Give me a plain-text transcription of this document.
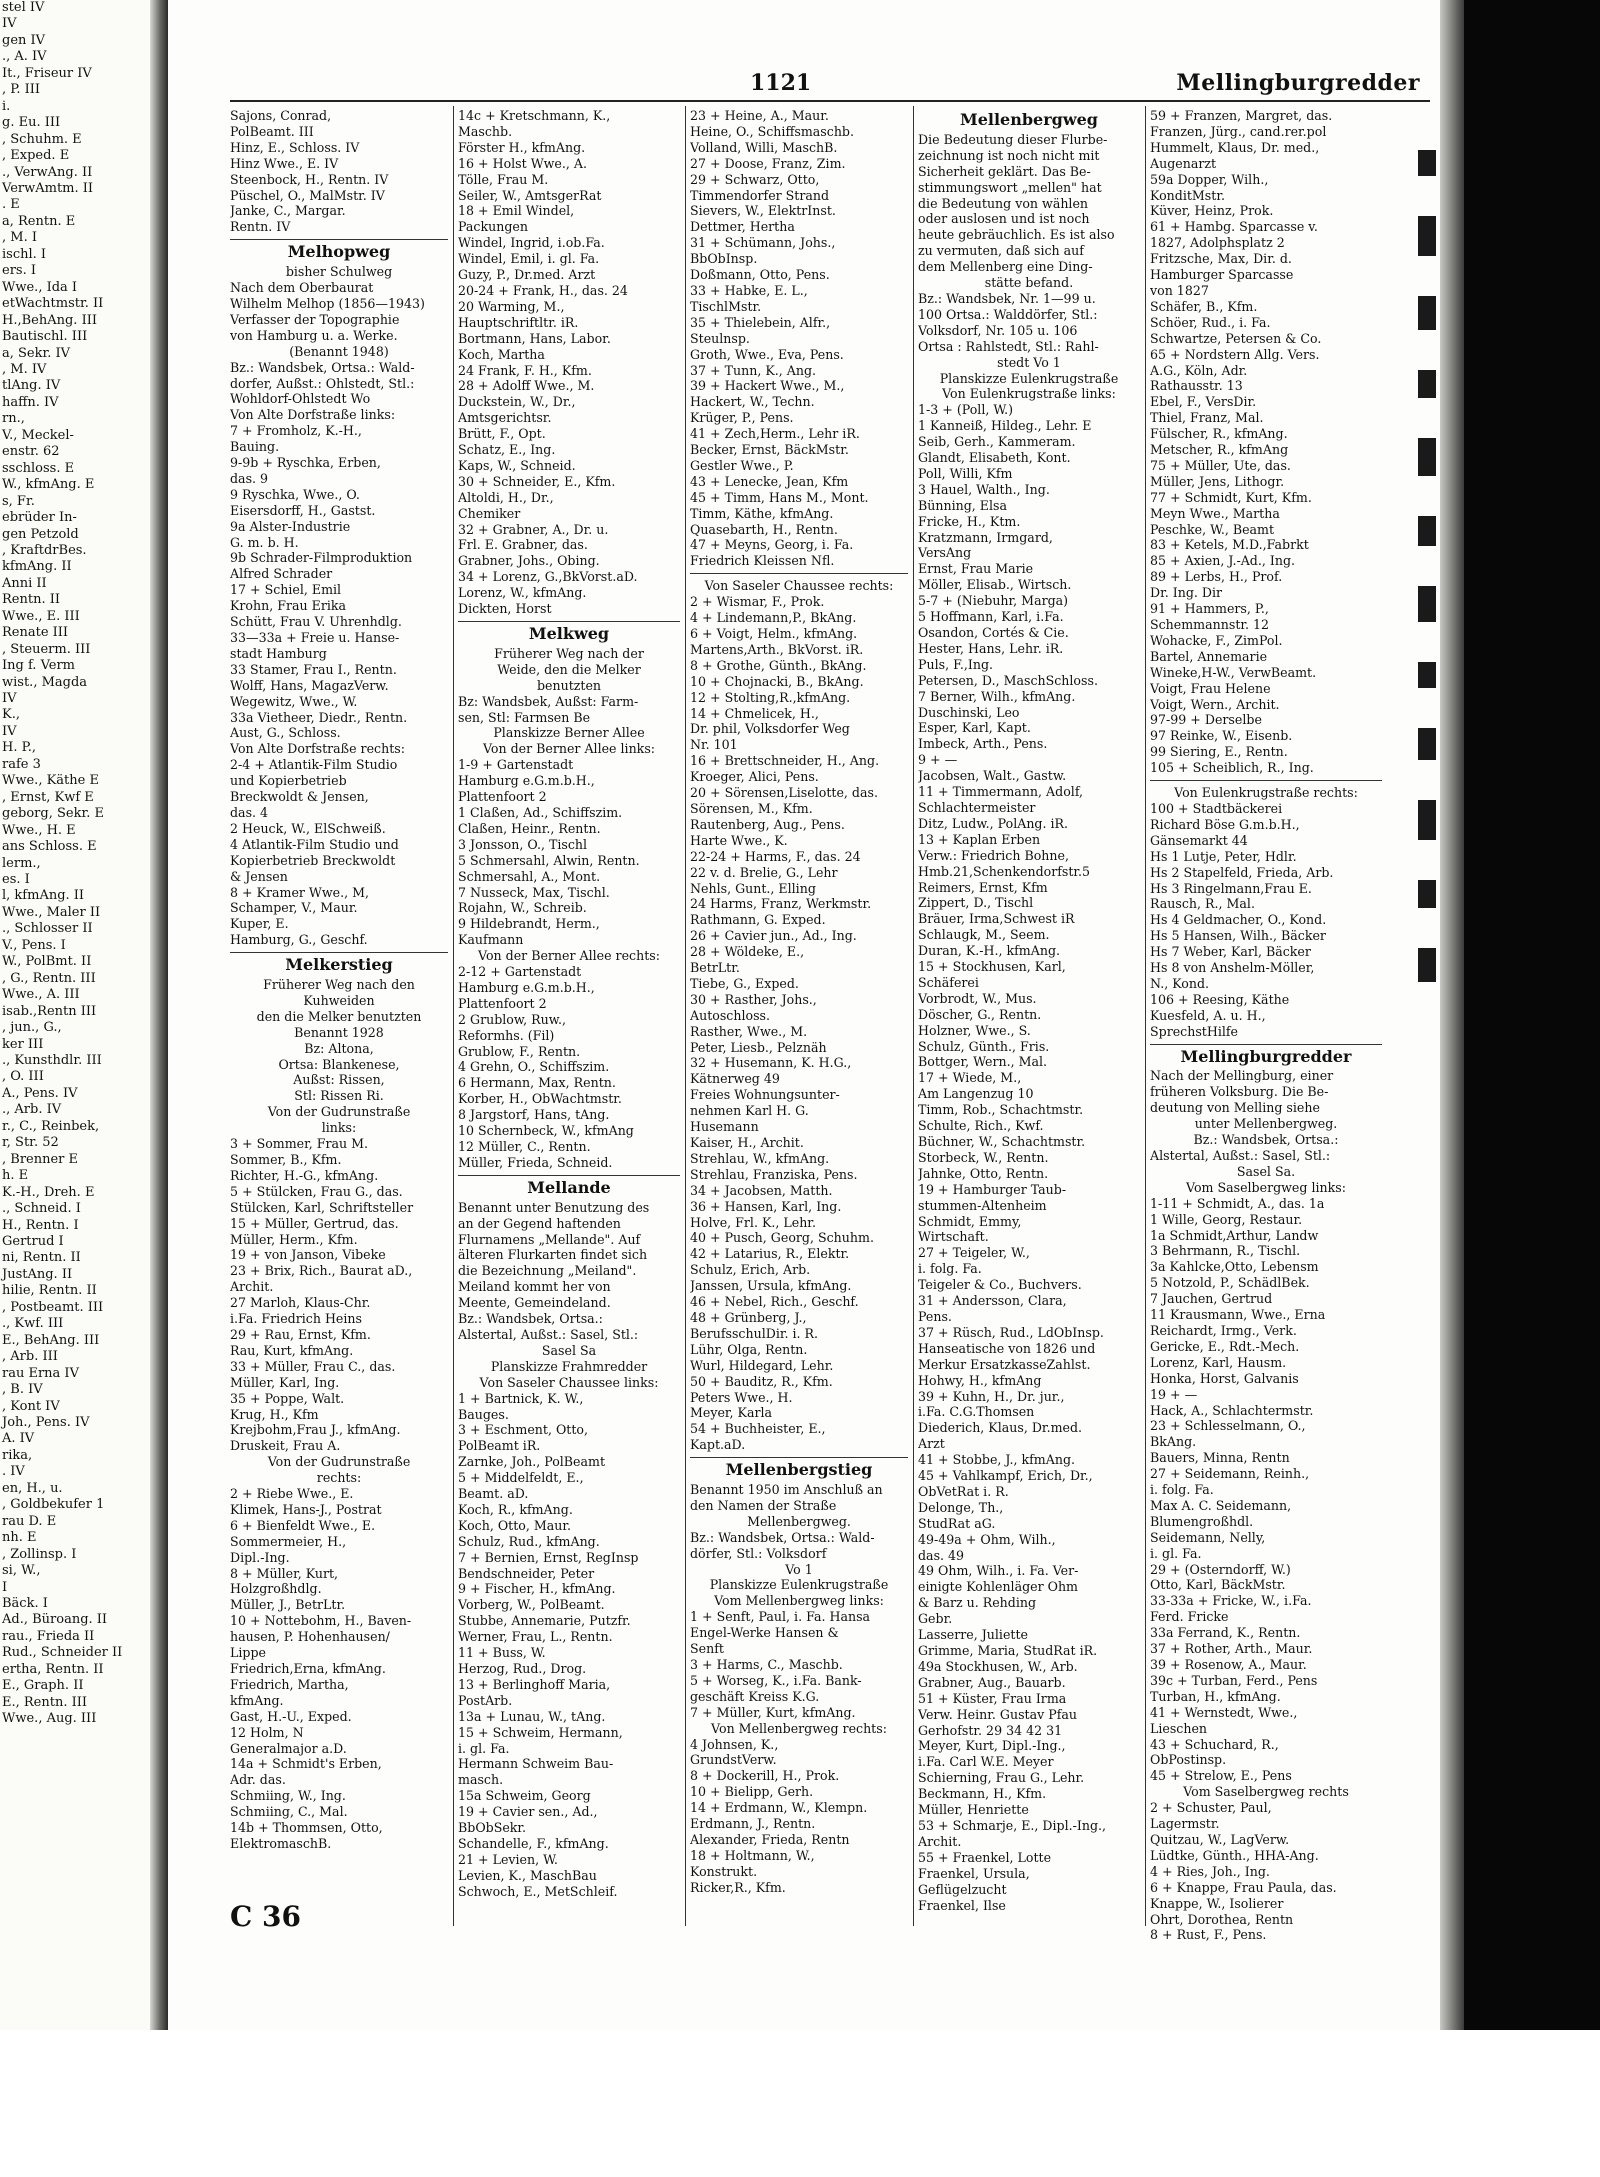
stel IV
IV
gen IV
., A. IV
It., Friseur IV
, P. III
i.
g. Eu. III
, Schuhm. E
, Exped. E
., VerwAng. II
VerwAmtm. II
. E
a, Rentn. E
, M. I
ischl. I
ers. I
Wwe., Ida I
etWachtmstr. II
H.,BehAng. III
Bautischl. III
a, Sekr. IV
, M. IV
tlAng. IV
haffn. IV
rn.,
V., Meckel-
enstr. 62
sschloss. E
W., kfmAng. E
s, Fr.
ebrüder In-
gen Petzold
, KraftdrBes.
kfmAng. II
Anni II
Rentn. II
Wwe., E. III
Renate III
, Steuerm. III
Ing f. Verm
wist., Magda
IV
K.,
IV
H. P.,
rafe 3
Wwe., Käthe E
, Ernst, Kwf E
geborg, Sekr. E
Wwe., H. E
ans Schloss. E
lerm.,
es. I
l, kfmAng. II
Wwe., Maler II
., Schlosser II
V., Pens. I
W., PolBmt. II
, G., Rentn. III
Wwe., A. III
isab.,Rentn III
, jun., G.,
ker III
., Kunsthdlr. III
, O. III
A., Pens. IV
., Arb. IV
r., C., Reinbek,
r, Str. 52
, Brenner E
h. E
K.-H., Dreh. E
., Schneid. I
H., Rentn. I
Gertrud I
ni, Rentn. II
JustAng. II
hilie, Rentn. II
, Postbeamt. III
., Kwf. III
E., BehAng. III
, Arb. III
rau Erna IV
, B. IV
, Kont IV
Joh., Pens. IV
A. IV
rika,
. IV
en, H., u.
, Goldbekufer 1
rau D. E
nh. E
, Zollinsp. I
si, W.,
I
Bäck. I
Ad., Büroang. II
rau., Frieda II
Rud., Schneider II
ertha, Rentn. II
E., Graph. II
E., Rentn. III
Wwe., Aug. III
1121	Mellingburgredder
Sajons, Conrad,
PolBeamt. III
Hinz, E., Schloss. IV
Hinz Wwe., E. IV
Steenbock, H., Rentn. IV
Püschel, O., MalMstr. IV
Janke, C., Margar.
Rentn. IV
Melhopweg
bisher Schulweg
Nach dem Oberbaurat
Wilhelm Melhop (1856—1943)
Verfasser der Topographie
von Hamburg u. a. Werke.
(Benannt 1948)
Bz.: Wandsbek, Ortsa.: Wald-
dorfer, Außst.: Ohlstedt, Stl.:
Wohldorf-Ohlstedt Wo
Von Alte Dorfstraße links:
7 + Fromholz, K.-H.,
Bauing.
9-9b + Ryschka, Erben,
das. 9
9 Ryschka, Wwe., O.
Eisersdorff, H., Gastst.
9a Alster-Industrie
G. m. b. H.
9b Schrader-Filmproduktion
Alfred Schrader
17 + Schiel, Emil
Krohn, Frau Erika
Schütt, Frau V. Uhrenhdlg.
33—33a + Freie u. Hanse-
stadt Hamburg
33 Stamer, Frau I., Rentn.
Wolff, Hans, MagazVerw.
Wegewitz, Wwe., W.
33a Vietheer, Diedr., Rentn.
Aust, G., Schloss.
Von Alte Dorfstraße rechts:
2-4 + Atlantik-Film Studio
und Kopierbetrieb
Breckwoldt & Jensen,
das. 4
2 Heuck, W., ElSchweiß.
4 Atlantik-Film Studio und
Kopierbetrieb Breckwoldt
& Jensen
8 + Kramer Wwe., M,
Schamper, V., Maur.
Kuper, E.
Hamburg, G., Geschf.
Melkerstieg
Früherer Weg nach den
Kuhweiden
den die Melker benutzten
Benannt 1928
Bz: Altona,
Ortsa: Blankenese,
Außst: Rissen,
Stl: Rissen Ri.
Von der Gudrunstraße
links:
3 + Sommer, Frau M.
Sommer, B., Kfm.
Richter, H.-G., kfmAng.
5 + Stülcken, Frau G., das.
Stülcken, Karl, Schriftsteller
15 + Müller, Gertrud, das.
Müller, Herm., Kfm.
19 + von Janson, Vibeke
23 + Brix, Rich., Baurat aD.,
Archit.
27 Marloh, Klaus-Chr.
i.Fa. Friedrich Heins
29 + Rau, Ernst, Kfm.
Rau, Kurt, kfmAng.
33 + Müller, Frau C., das.
Müller, Karl, Ing.
35 + Poppe, Walt.
Krug, H., Kfm
Krejbohm,Frau J., kfmAng.
Druskeit, Frau A.
Von der Gudrunstraße
rechts:
2 + Riebe Wwe., E.
Klimek, Hans-J., Postrat
6 + Bienfeldt Wwe., E.
Sommermeier, H.,
Dipl.-Ing.
8 + Müller, Kurt,
Holzgroßhdlg.
Müller, J., BetrLtr.
10 + Nottebohm, H., Baven-
hausen, P. Hohenhausen/
Lippe
Friedrich,Erna, kfmAng.
Friedrich, Martha,
kfmAng.
Gast, H.-U., Exped.
12 Holm, N
Generalmajor a.D.
14a + Schmidt's Erben,
Adr. das.
Schmiing, W., Ing.
Schmiing, C., Mal.
14b + Thommsen, Otto,
ElektromaschB.
14c + Kretschmann, K.,
Maschb.
Förster H., kfmAng.
16 + Holst Wwe., A.
Tölle, Frau M.
Seiler, W., AmtsgerRat
18 + Emil Windel,
Packungen
Windel, Ingrid, i.ob.Fa.
Windel, Emil, i. gl. Fa.
Guzy, P., Dr.med. Arzt
20-24 + Frank, H., das. 24
20 Warming, M.,
Hauptschriftltr. iR.
Bortmann, Hans, Labor.
Koch, Martha
24 Frank, F. H., Kfm.
28 + Adolff Wwe., M.
Duckstein, W., Dr.,
Amtsgerichtsr.
Brütt, F., Opt.
Schatz, E., Ing.
Kaps, W., Schneid.
30 + Schneider, E., Kfm.
Altoldi, H., Dr.,
Chemiker
32 + Grabner, A., Dr. u.
Frl. E. Grabner, das.
Grabner, Johs., Obing.
34 + Lorenz, G.,BkVorst.aD.
Lorenz, W., kfmAng.
Dickten, Horst
Melkweg
Früherer Weg nach der
Weide, den die Melker
benutzten
Bz: Wandsbek, Außst: Farm-
sen, Stl: Farmsen Be
Planskizze Berner Allee
Von der Berner Allee links:
1-9 + Gartenstadt
Hamburg e.G.m.b.H.,
Plattenfoort 2
1 Claßen, Ad., Schiffszim.
Claßen, Heinr., Rentn.
3 Jonsson, O., Tischl
5 Schmersahl, Alwin, Rentn.
Schmersahl, A., Mont.
7 Nusseck, Max, Tischl.
Rojahn, W., Schreib.
9 Hildebrandt, Herm.,
Kaufmann
Von der Berner Allee rechts:
2-12 + Gartenstadt
Hamburg e.G.m.b.H.,
Plattenfoort 2
2 Grublow, Ruw.,
Reformhs. (Fil)
Grublow, F., Rentn.
4 Grehn, O., Schiffszim.
6 Hermann, Max, Rentn.
Korber, H., ObWachtmstr.
8 Jargstorf, Hans, tAng.
10 Schernbeck, W., kfmAng
12 Müller, C., Rentn.
Müller, Frieda, Schneid.
Mellande
Benannt unter Benutzung des
an der Gegend haftenden
Flurnamens „Mellande". Auf
älteren Flurkarten findet sich
die Bezeichnung „Meiland".
Meiland kommt her von
Meente, Gemeindeland.
Bz.: Wandsbek, Ortsa.:
Alstertal, Außst.: Sasel, Stl.:
Sasel Sa
Planskizze Frahmredder
Von Saseler Chaussee links:
1 + Bartnick, K. W.,
Bauges.
3 + Eschment, Otto,
PolBeamt iR.
Zarnke, Joh., PolBeamt
5 + Middelfeldt, E.,
Beamt. aD.
Koch, R., kfmAng.
Koch, Otto, Maur.
Schulz, Rud., kfmAng.
7 + Bernien, Ernst, RegInsp
Bendschneider, Peter
9 + Fischer, H., kfmAng.
Vorberg, W., PolBeamt.
Stubbe, Annemarie, Putzfr.
Werner, Frau, L., Rentn.
11 + Buss, W.
Herzog, Rud., Drog.
13 + Berlinghoff Maria,
PostArb.
13a + Lunau, W., tAng.
15 + Schweim, Hermann,
i. gl. Fa.
Hermann Schweim Bau-
masch.
15a Schweim, Georg
19 + Cavier sen., Ad.,
BbObSekr.
Schandelle, F., kfmAng.
21 + Levien, W.
Levien, K., MaschBau
Schwoch, E., MetSchleif.
23 + Heine, A., Maur.
Heine, O., Schiffsmaschb.
Volland, Willi, MaschB.
27 + Doose, Franz, Zim.
29 + Schwarz, Otto,
Timmendorfer Strand
Sievers, W., ElektrInst.
Dettmer, Hertha
31 + Schümann, Johs.,
BbObInsp.
Doßmann, Otto, Pens.
33 + Habke, E. L.,
TischlMstr.
35 + Thielebein, Alfr.,
Steulnsp.
Groth, Wwe., Eva, Pens.
37 + Tunn, K., Ang.
39 + Hackert Wwe., M.,
Hackert, W., Techn.
Krüger, P., Pens.
41 + Zech,Herm., Lehr iR.
Becker, Ernst, BäckMstr.
Gestler Wwe., P.
43 + Lenecke, Jean, Kfm
45 + Timm, Hans M., Mont.
Timm, Käthe, kfmAng.
Quasebarth, H., Rentn.
47 + Meyns, Georg, i. Fa.
Friedrich Kleissen Nfl.
Von Saseler Chaussee rechts:
2 + Wismar, F., Prok.
4 + Lindemann,P., BkAng.
6 + Voigt, Helm., kfmAng.
Martens,Arth., BkVorst. iR.
8 + Grothe, Günth., BkAng.
10 + Chojnacki, B., BkAng.
12 + Stolting,R.,kfmAng.
14 + Chmelicek, H.,
Dr. phil, Volksdorfer Weg
Nr. 101
16 + Brettschneider, H., Ang.
Kroeger, Alici, Pens.
20 + Sörensen,Liselotte, das.
Sörensen, M., Kfm.
Rautenberg, Aug., Pens.
Harte Wwe., K.
22-24 + Harms, F., das. 24
22 v. d. Brelie, G., Lehr
Nehls, Gunt., Elling
24 Harms, Franz, Werkmstr.
Rathmann, G. Exped.
26 + Cavier jun., Ad., Ing.
28 + Wöldeke, E.,
BetrLtr.
Tiebe, G., Exped.
30 + Rasther, Johs.,
Autoschloss.
Rasther, Wwe., M.
Peter, Liesb., Pelznäh
32 + Husemann, K. H.G.,
Kätnerweg 49
Freies Wohnungsunter-
nehmen Karl H. G.
Husemann
Kaiser, H., Archit.
Strehlau, W., kfmAng.
Strehlau, Franziska, Pens.
34 + Jacobsen, Matth.
36 + Hansen, Karl, Ing.
Holve, Frl. K., Lehr.
40 + Pusch, Georg, Schuhm.
42 + Latarius, R., Elektr.
Schulz, Erich, Arb.
Janssen, Ursula, kfmAng.
46 + Nebel, Rich., Geschf.
48 + Grünberg, J.,
BerufsschulDir. i. R.
Lühr, Olga, Rentn.
Wurl, Hildegard, Lehr.
50 + Bauditz, R., Kfm.
Peters Wwe., H.
Meyer, Karla
54 + Buchheister, E.,
Kapt.aD.
Mellenbergstieg
Benannt 1950 im Anschluß an
den Namen der Straße
Mellenbergweg.
Bz.: Wandsbek, Ortsa.: Wald-
dörfer, Stl.: Volksdorf
Vo 1
Planskizze Eulenkrugstraße
Vom Mellenbergweg links:
1 + Senft, Paul, i. Fa. Hansa
Engel-Werke Hansen &
Senft
3 + Harms, C., Maschb.
5 + Worseg, K., i.Fa. Bank-
geschäft Kreiss K.G.
7 + Müller, Kurt, kfmAng.
Von Mellenbergweg rechts:
4 Johnsen, K.,
GrundstVerw.
8 + Dockerill, H., Prok.
10 + Bielipp, Gerh.
14 + Erdmann, W., Klempn.
Erdmann, J., Rentn.
Alexander, Frieda, Rentn
18 + Holtmann, W.,
Konstrukt.
Ricker,R., Kfm.
Mellenbergweg
Die Bedeutung dieser Flurbe-
zeichnung ist noch nicht mit
Sicherheit geklärt. Das Be-
stimmungswort „mellen" hat
die Bedeutung von wählen
oder auslosen und ist noch
heute gebräuchlich. Es ist also
zu vermuten, daß sich auf
dem Mellenberg eine Ding-
stätte befand.
Bz.: Wandsbek, Nr. 1—99 u.
100 Ortsa.: Walddörfer, Stl.:
Volksdorf, Nr. 105 u. 106
Ortsa : Rahlstedt, Stl.: Rahl-
stedt Vo 1
Planskizze Eulenkrugstraße
Von Eulenkrugstraße links:
1-3 + (Poll, W.)
1 Kanneiß, Hildeg., Lehr. E
Seib, Gerh., Kammeram.
Glandt, Elisabeth, Kont.
Poll, Willi, Kfm
3 Hauel, Walth., Ing.
Bünning, Elsa
Fricke, H., Ktm.
Kratzmann, Irmgard,
VersAng
Ernst, Frau Marie
Möller, Elisab., Wirtsch.
5-7 + (Niebuhr, Marga)
5 Hoffmann, Karl, i.Fa.
Osandon, Cortés & Cie.
Hester, Hans, Lehr. iR.
Puls, F.,Ing.
Petersen, D., MaschSchloss.
7 Berner, Wilh., kfmAng.
Duschinski, Leo
Esper, Karl, Kapt.
Imbeck, Arth., Pens.
9 + —
Jacobsen, Walt., Gastw.
11 + Timmermann, Adolf,
Schlachtermeister
Ditz, Ludw., PolAng. iR.
13 + Kaplan Erben
Verw.: Friedrich Bohne,
Hmb.21,Schenkendorfstr.5
Reimers, Ernst, Kfm
Zippert, D., Tischl
Bräuer, Irma,Schwest iR
Schlaugk, M., Seem.
Duran, K.-H., kfmAng.
15 + Stockhusen, Karl,
Schäferei
Vorbrodt, W., Mus.
Döscher, G., Rentn.
Holzner, Wwe., S.
Schulz, Günth., Fris.
Bottger, Wern., Mal.
17 + Wiede, M.,
Am Langenzug 10
Timm, Rob., Schachtmstr.
Schulte, Rich., Kwf.
Büchner, W., Schachtmstr.
Storbeck, W., Rentn.
Jahnke, Otto, Rentn.
19 + Hamburger Taub-
stummen-Altenheim
Schmidt, Emmy,
Wirtschaft.
27 + Teigeler, W.,
i. folg. Fa.
Teigeler & Co., Buchvers.
31 + Andersson, Clara,
Pens.
37 + Rüsch, Rud., LdObInsp.
Hanseatische von 1826 und
Merkur ErsatzkasseZahlst.
Hohwy, H., kfmAng
39 + Kuhn, H., Dr. jur.,
i.Fa. C.G.Thomsen
Diederich, Klaus, Dr.med.
Arzt
41 + Stobbe, J., kfmAng.
45 + Vahlkampf, Erich, Dr.,
ObVetRat i. R.
Delonge, Th.,
StudRat aG.
49-49a + Ohm, Wilh.,
das. 49
49 Ohm, Wilh., i. Fa. Ver-
einigte Kohlenläger Ohm
& Barz u. Rehding
Gebr.
Lasserre, Juliette
Grimme, Maria, StudRat iR.
49a Stockhusen, W., Arb.
Grabner, Aug., Bauarb.
51 + Küster, Frau Irma
Verw. Heinr. Gustav Pfau
Gerhofstr. 29 34 42 31
Meyer, Kurt, Dipl.-Ing.,
i.Fa. Carl W.E. Meyer
Schierning, Frau G., Lehr.
Beckmann, H., Kfm.
Müller, Henriette
53 + Schmarje, E., Dipl.-Ing.,
Archit.
55 + Fraenkel, Lotte
Fraenkel, Ursula,
Geflügelzucht
Fraenkel, Ilse
59 + Franzen, Margret, das.
Franzen, Jürg., cand.rer.pol
Hummelt, Klaus, Dr. med.,
Augenarzt
59a Dopper, Wilh.,
KonditMstr.
Küver, Heinz, Prok.
61 + Hambg. Sparcasse v.
1827, Adolphsplatz 2
Fritzsche, Max, Dir. d.
Hamburger Sparcasse
von 1827
Schäfer, B., Kfm.
Schöer, Rud., i. Fa.
Schwartze, Petersen & Co.
65 + Nordstern Allg. Vers.
A.G., Köln, Adr.
Rathausstr. 13
Ebel, F., VersDir.
Thiel, Franz, Mal.
Fülscher, R., kfmAng.
Metscher, R., kfmAng
75 + Müller, Ute, das.
Müller, Jens, Lithogr.
77 + Schmidt, Kurt, Kfm.
Meyn Wwe., Martha
Peschke, W., Beamt
83 + Ketels, M.D.,Fabrkt
85 + Axien, J.-Ad., Ing.
89 + Lerbs, H., Prof.
Dr. Ing. Dir
91 + Hammers, P.,
Schemmannstr. 12
Wohacke, F., ZimPol.
Bartel, Annemarie
Wineke,H-W., VerwBeamt.
Voigt, Frau Helene
Voigt, Wern., Archit.
97-99 + Derselbe
97 Reinke, W., Eisenb.
99 Siering, E., Rentn.
105 + Scheiblich, R., Ing.
Von Eulenkrugstraße rechts:
100 + Stadtbäckerei
Richard Böse G.m.b.H.,
Gänsemarkt 44
Hs 1 Lutje, Peter, Hdlr.
Hs 2 Stapelfeld, Frieda, Arb.
Hs 3 Ringelmann,Frau E.
Rausch, R., Mal.
Hs 4 Geldmacher, O., Kond.
Hs 5 Hansen, Wilh., Bäcker
Hs 7 Weber, Karl, Bäcker
Hs 8 von Anshelm-Möller,
N., Kond.
106 + Reesing, Käthe
Kuesfeld, A. u. H.,
SprechstHilfe
Mellingburgredder
Nach der Mellingburg, einer
früheren Volksburg. Die Be-
deutung von Melling siehe
unter Mellenbergweg.
Bz.: Wandsbek, Ortsa.:
Alstertal, Außst.: Sasel, Stl.:
Sasel Sa.
Vom Saselbergweg links:
1-11 + Schmidt, A., das. 1a
1 Wille, Georg, Restaur.
1a Schmidt,Arthur, Landw
3 Behrmann, R., Tischl.
3a Kahlcke,Otto, Lebensm
5 Notzold, P., SchädlBek.
7 Jauchen, Gertrud
11 Krausmann, Wwe., Erna
Reichardt, Irmg., Verk.
Gericke, E., Rdt.-Mech.
Lorenz, Karl, Hausm.
Honka, Horst, Galvanis
19 + —
Hack, A., Schlachtermstr.
23 + Schlesselmann, O.,
BkAng.
Bauers, Minna, Rentn
27 + Seidemann, Reinh.,
i. folg. Fa.
Max A. C. Seidemann,
Blumengroßhdl.
Seidemann, Nelly,
i. gl. Fa.
29 + (Osterndorff, W.)
Otto, Karl, BäckMstr.
33-33a + Fricke, W., i.Fa.
Ferd. Fricke
33a Ferrand, K., Rentn.
37 + Rother, Arth., Maur.
39 + Rosenow, A., Maur.
39c + Turban, Ferd., Pens
Turban, H., kfmAng.
41 + Wernstedt, Wwe.,
Lieschen
43 + Schuchard, R.,
ObPostinsp.
45 + Strelow, E., Pens
Vom Saselbergweg rechts
2 + Schuster, Paul,
Lagermstr.
Quitzau, W., LagVerw.
Lüdtke, Günth., HHA-Ang.
4 + Ries, Joh., Ing.
6 + Knappe, Frau Paula, das.
Knappe, W., Isolierer
Ohrt, Dorothea, Rentn
8 + Rust, F., Pens.
C 36
